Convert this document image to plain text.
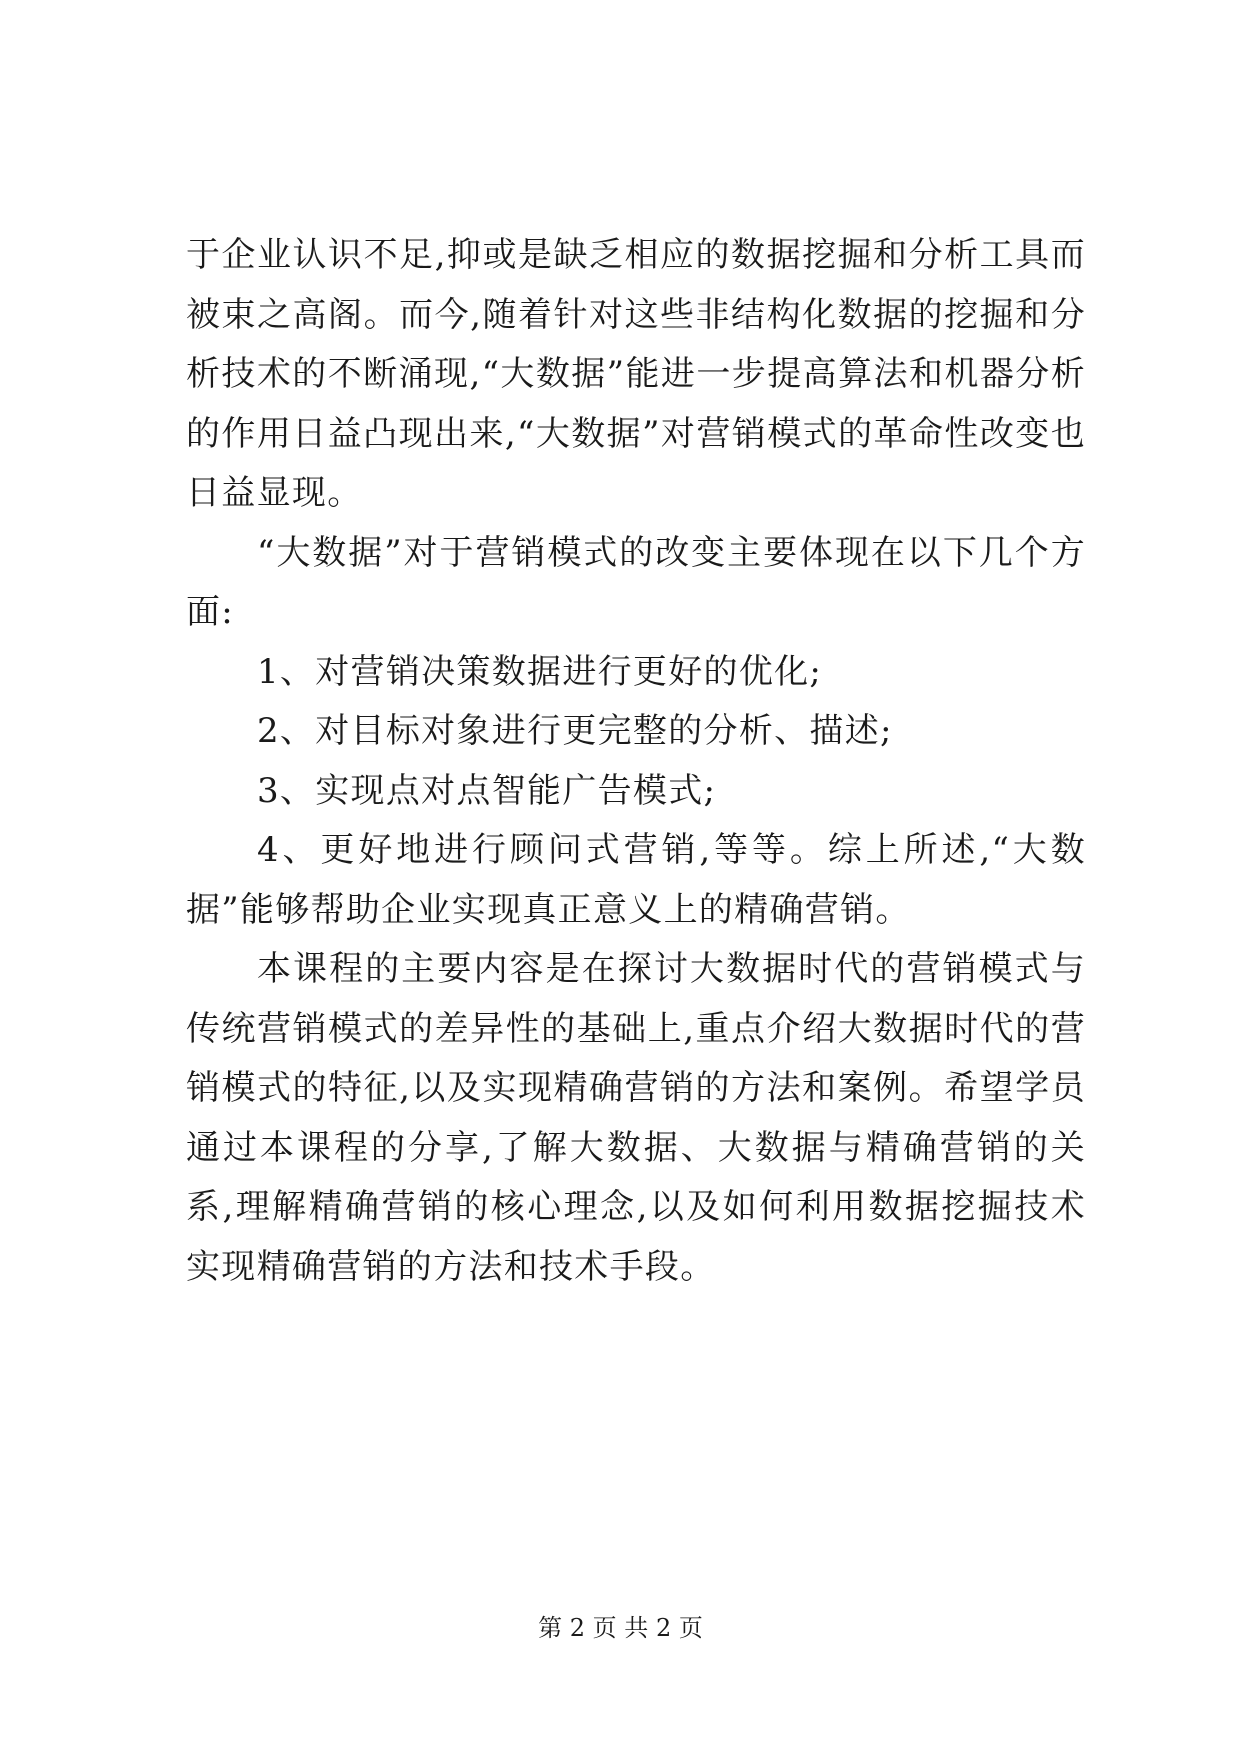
于企业认识不足,抑或是缺乏相应的数据挖掘和分析工具而被束之高阁。而今,随着针对这些非结构化数据的挖掘和分析技术的不断涌现,“大数据”能进一步提高算法和机器分析的作用日益凸现出来,“大数据”对营销模式的革命性改变也日益显现。

“大数据”对于营销模式的改变主要体现在以下几个方面:

1、对营销决策数据进行更好的优化;

2、对目标对象进行更完整的分析、描述;

3、实现点对点智能广告模式;

4、更好地进行顾问式营销,等等。综上所述,“大数据”能够帮助企业实现真正意义上的精确营销。

本课程的主要内容是在探讨大数据时代的营销模式与传统营销模式的差异性的基础上,重点介绍大数据时代的营销模式的特征,以及实现精确营销的方法和案例。希望学员通过本课程的分享,了解大数据、大数据与精确营销的关系,理解精确营销的核心理念,以及如何利用数据挖掘技术实现精确营销的方法和技术手段。

第 2 页 共 2 页
